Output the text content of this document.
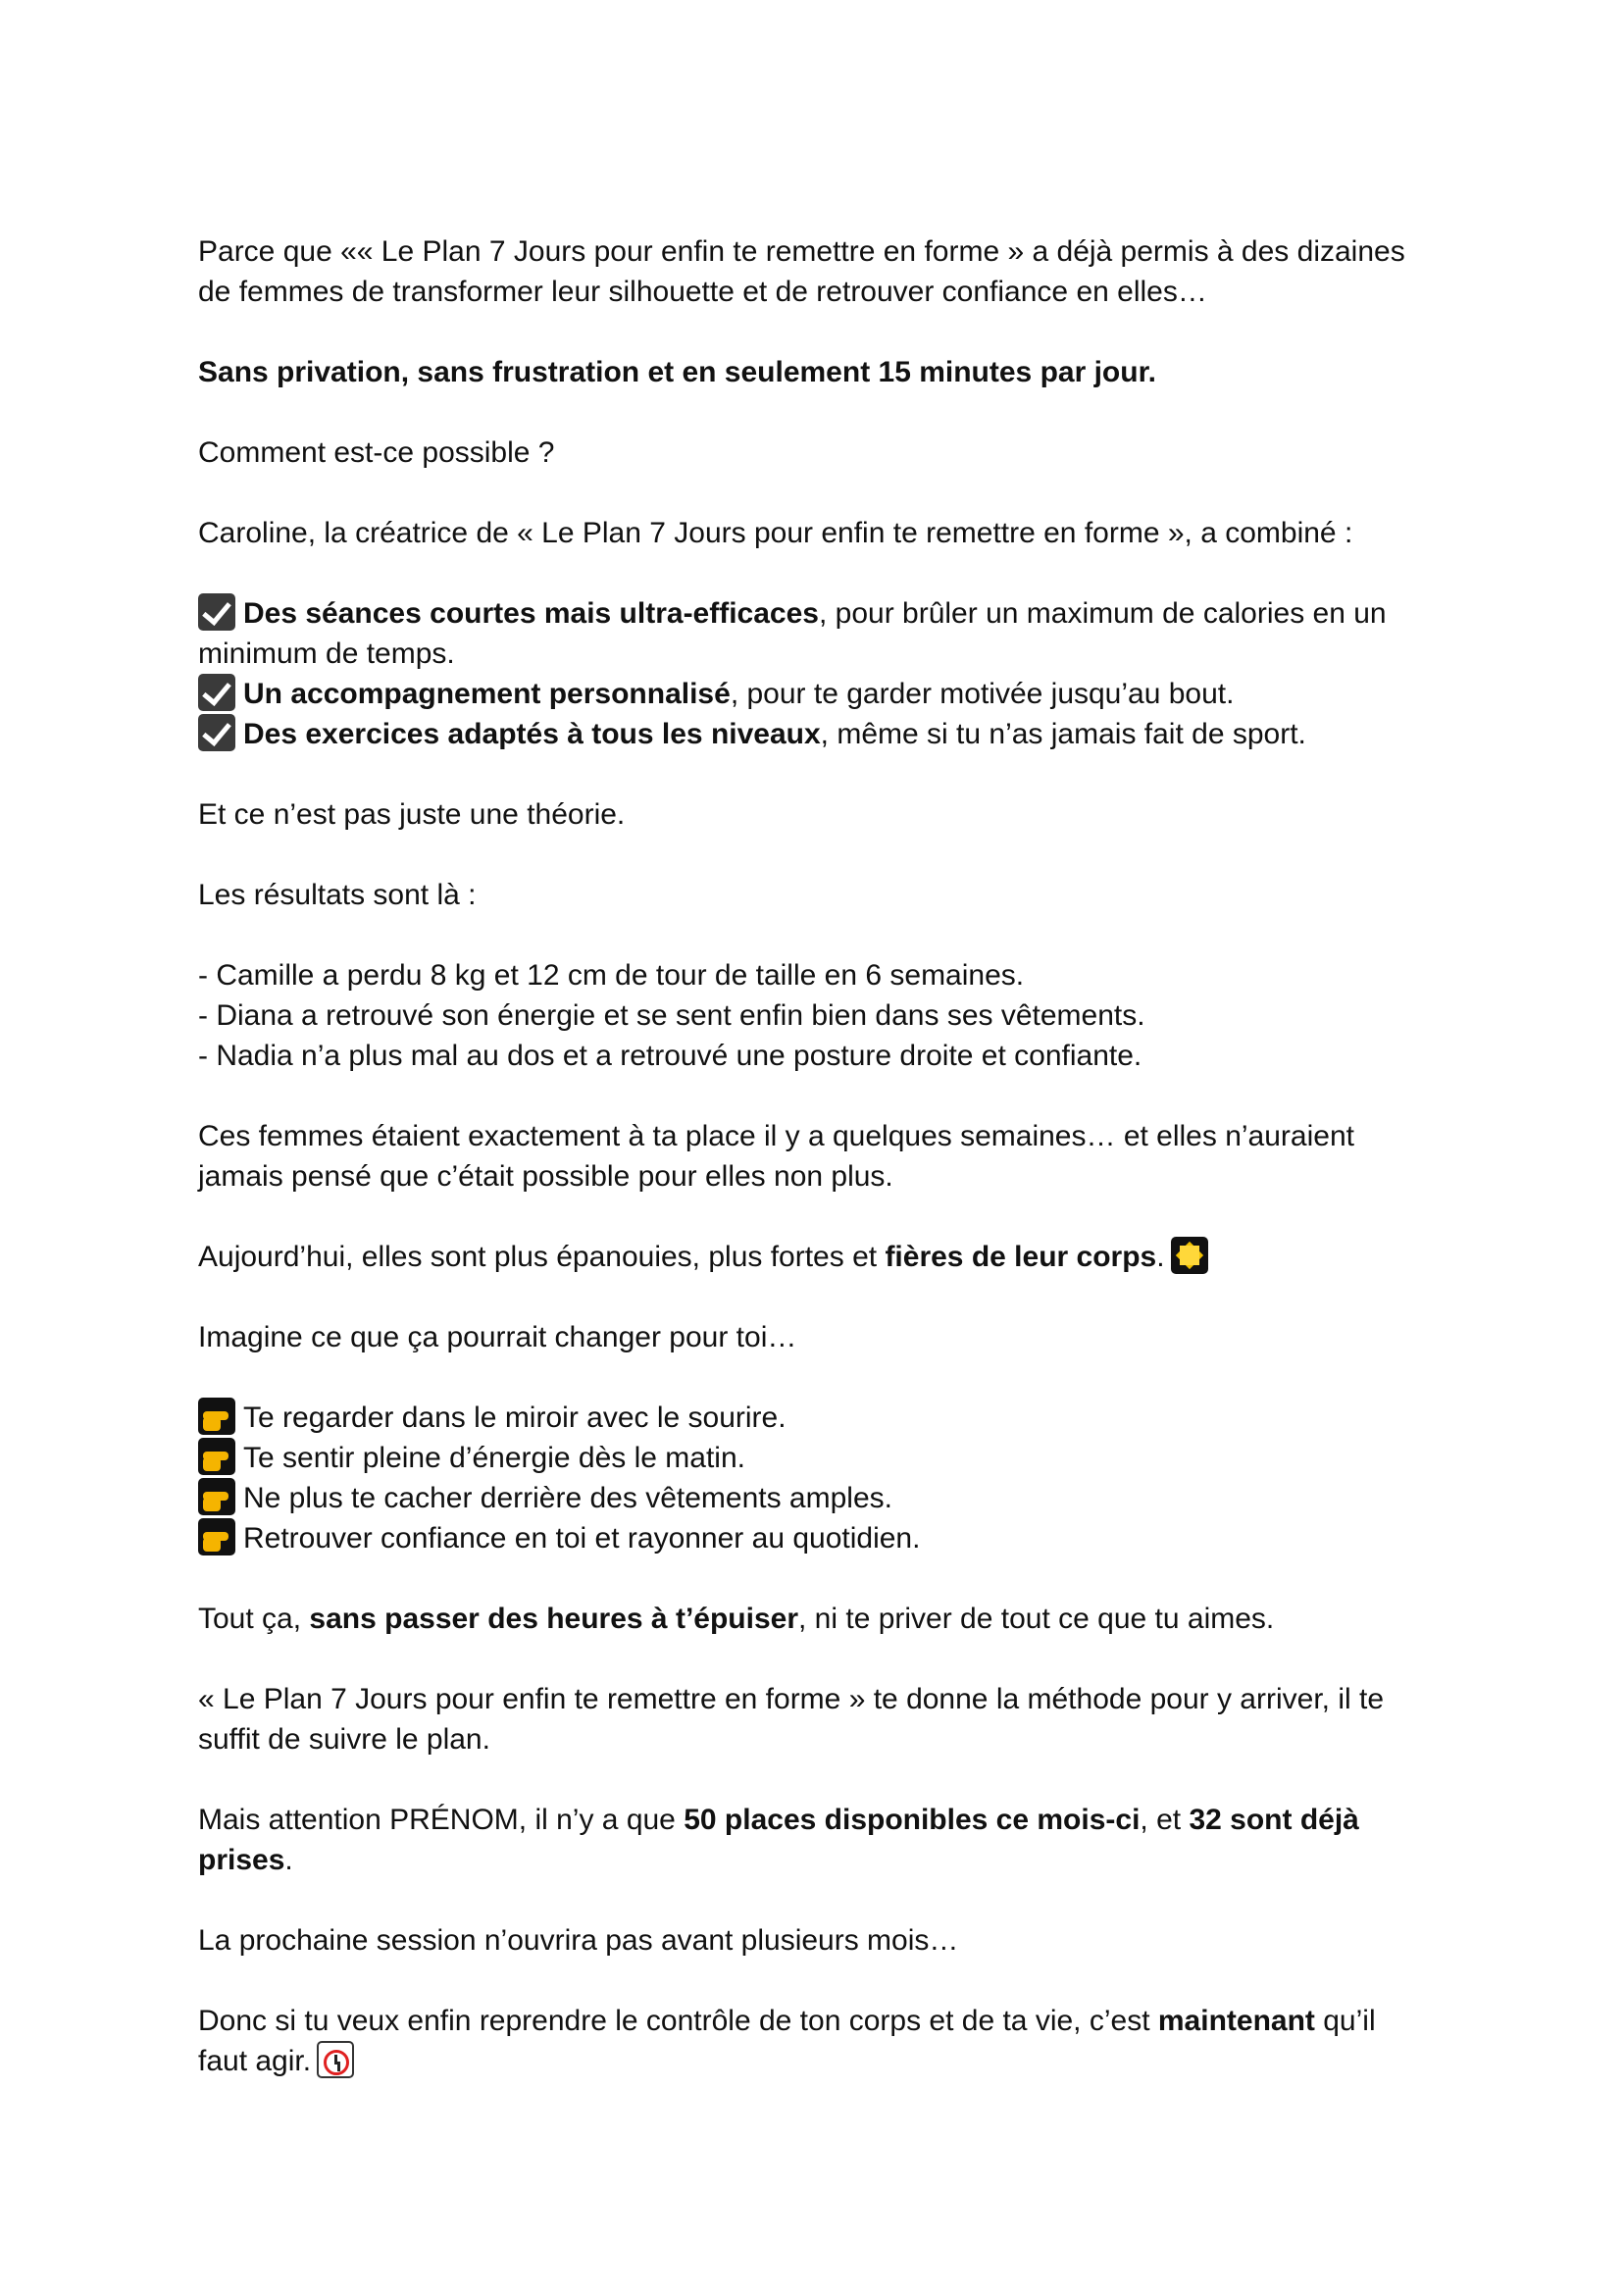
Parce que «« Le Plan 7 Jours pour enfin te remettre en forme » a déjà permis à des dizaines
de femmes de transformer leur silhouette et de retrouver confiance en elles…
Sans privation, sans frustration et en seulement 15 minutes par jour.
Comment est-ce possible ?
Caroline, la créatrice de « Le Plan 7 Jours pour enfin te remettre en forme », a combiné :
Des séances courtes mais ultra-efficaces, pour brûler un maximum de calories en un
minimum de temps.
Un accompagnement personnalisé, pour te garder motivée jusqu’au bout.
Des exercices adaptés à tous les niveaux, même si tu n’as jamais fait de sport.
Et ce n’est pas juste une théorie.
Les résultats sont là :
- Camille a perdu 8 kg et 12 cm de tour de taille en 6 semaines.
- Diana a retrouvé son énergie et se sent enfin bien dans ses vêtements.
- Nadia n’a plus mal au dos et a retrouvé une posture droite et confiante.
Ces femmes étaient exactement à ta place il y a quelques semaines… et elles n’auraient
jamais pensé que c’était possible pour elles non plus.
Aujourd’hui, elles sont plus épanouies, plus fortes et fières de leur corps.
Imagine ce que ça pourrait changer pour toi…
Te regarder dans le miroir avec le sourire.
Te sentir pleine d’énergie dès le matin.
Ne plus te cacher derrière des vêtements amples.
Retrouver confiance en toi et rayonner au quotidien.
Tout ça, sans passer des heures à t’épuiser, ni te priver de tout ce que tu aimes.
« Le Plan 7 Jours pour enfin te remettre en forme » te donne la méthode pour y arriver, il te
suffit de suivre le plan.
Mais attention PRÉNOM, il n’y a que 50 places disponibles ce mois-ci, et 32 sont déjà
prises.
La prochaine session n’ouvrira pas avant plusieurs mois…
Donc si tu veux enfin reprendre le contrôle de ton corps et de ta vie, c’est maintenant qu’il
faut agir.
